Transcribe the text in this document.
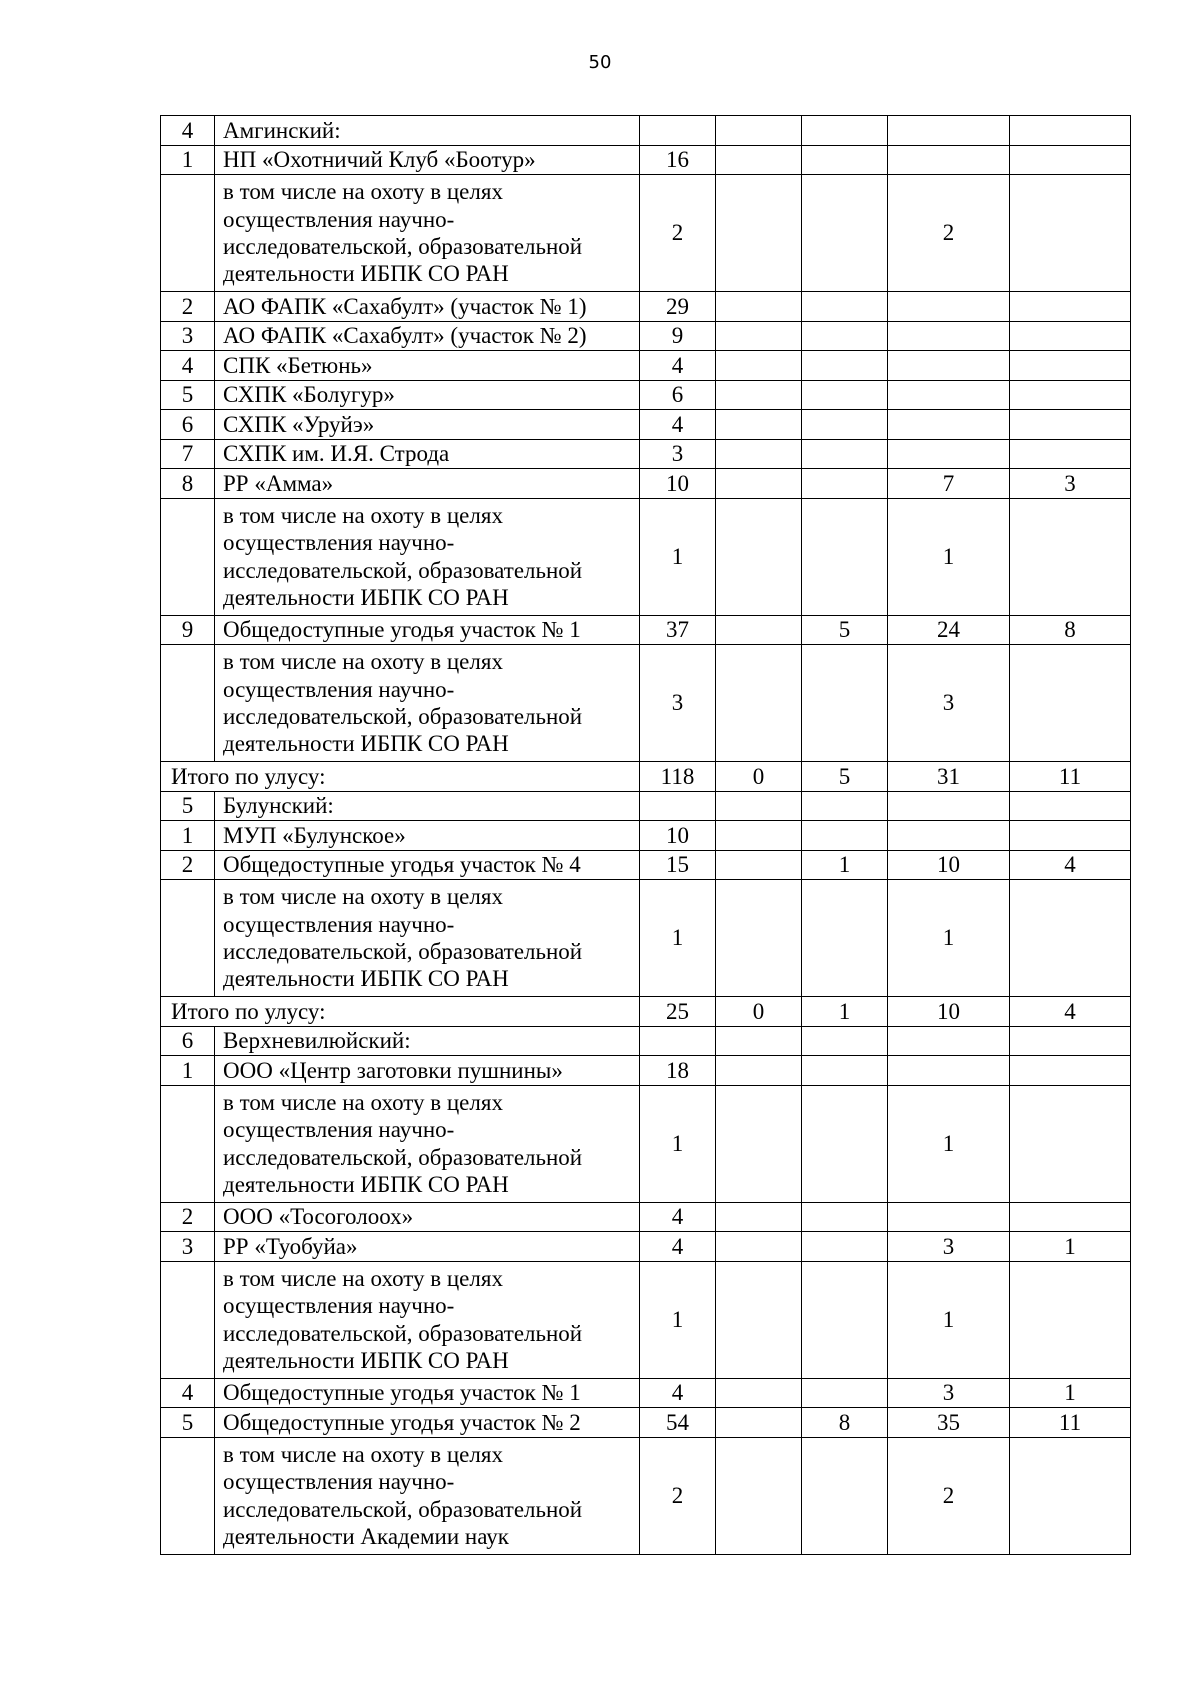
50
4	Амгинский:					
1	НП «Охотничий Клуб «Боотур»	16				

	в том числе на охоту в целях
осуществления научно-
исследовательской, образовательной
деятельности ИБПК СО РАН	2			2	
2	АО ФАПК «Сахабулт» (участок № 1)	29				
3	АО ФАПК «Сахабулт» (участок № 2)	9				
4	СПК «Бетюнь»	4				
5	СХПК «Болугур»	6				
6	СХПК «Уруйэ»	4				
7	СХПК им. И.Я. Строда	3				
8	РР «Амма»	10			7	3

	в том числе на охоту в целях
осуществления научно-
исследовательской, образовательной
деятельности ИБПК СО РАН	1			1	
9	Общедоступные угодья участок № 1	37		5	24	8

	в том числе на охоту в целях
осуществления научно-
исследовательской, образовательной
деятельности ИБПК СО РАН	3			3	
Итого по улусу:		118	0	5	31	11
5	Булунский:					
1	МУП «Булунское»	10				
2	Общедоступные угодья участок № 4	15		1	10	4

	в том числе на охоту в целях
осуществления научно-
исследовательской, образовательной
деятельности ИБПК СО РАН	1			1	
Итого по улусу:		25	0	1	10	4
6	Верхневилюйский:					
1	ООО «Центр заготовки пушнины»	18				

	в том числе на охоту в целях
осуществления научно-
исследовательской, образовательной
деятельности ИБПК СО РАН	1			1	
2	ООО «Тосоголоох»	4				
3	РР «Туобуйа»	4			3	1

	в том числе на охоту в целях
осуществления научно-
исследовательской, образовательной
деятельности ИБПК СО РАН	1			1	
4	Общедоступные угодья участок № 1	4			3	1
5	Общедоступные угодья участок № 2	54		8	35	11

	в том числе на охоту в целях
осуществления научно-
исследовательской, образовательной
деятельности Академии наук	2			2	
